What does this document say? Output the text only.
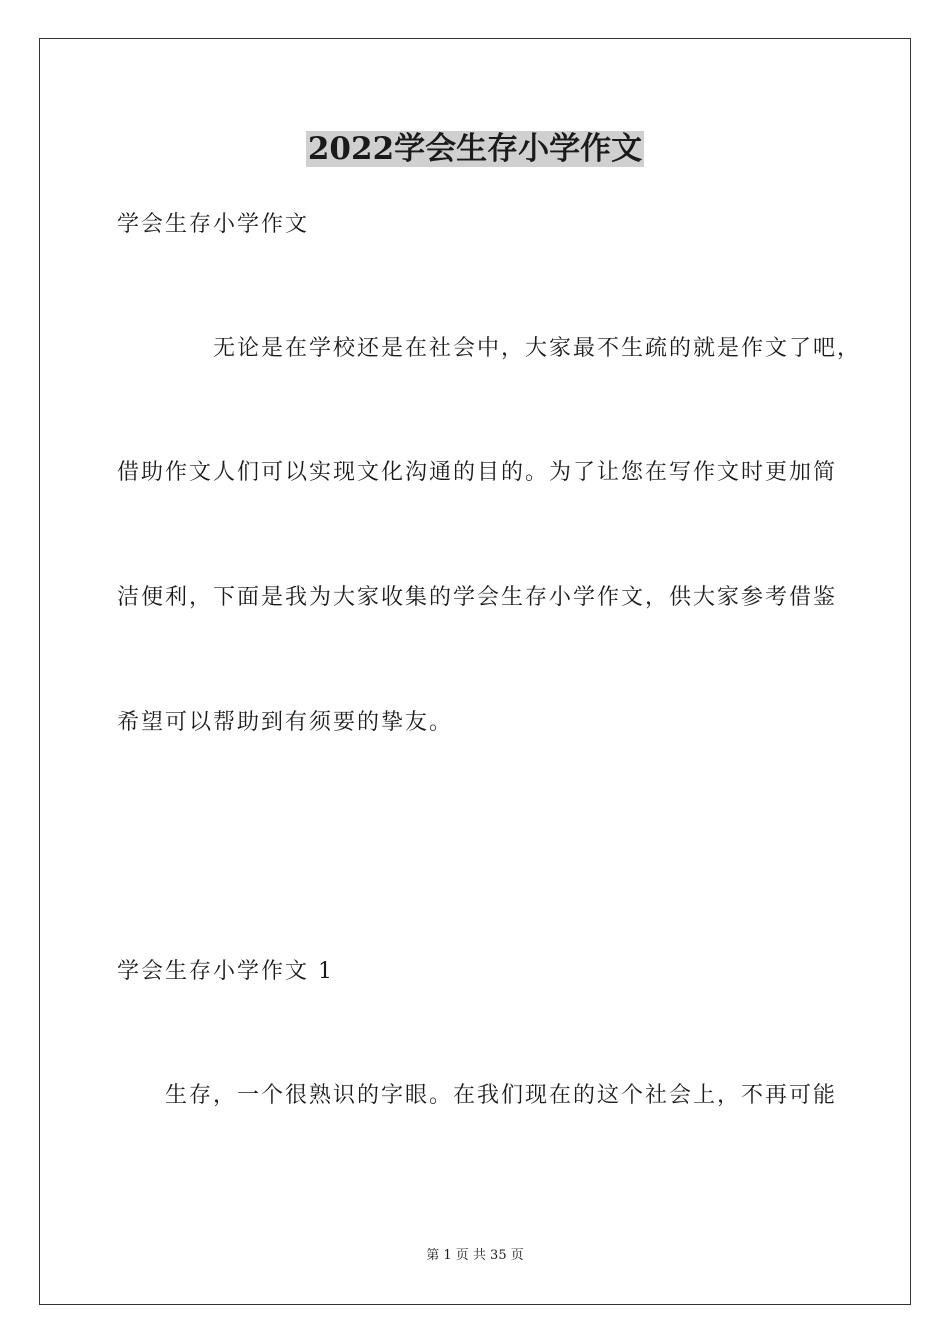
2022学会生存小学作文
学会生存小学作文
无论是在学校还是在社会中，大家最不生疏的就是作文了吧，
借助作文人们可以实现文化沟通的目的。为了让您在写作文时更加简
洁便利，下面是我为大家收集的学会生存小学作文，供大家参考借鉴
希望可以帮助到有须要的挚友。
学会生存小学作文 1
生存，一个很熟识的字眼。在我们现在的这个社会上，不再可能
第 1 页 共 35 页
